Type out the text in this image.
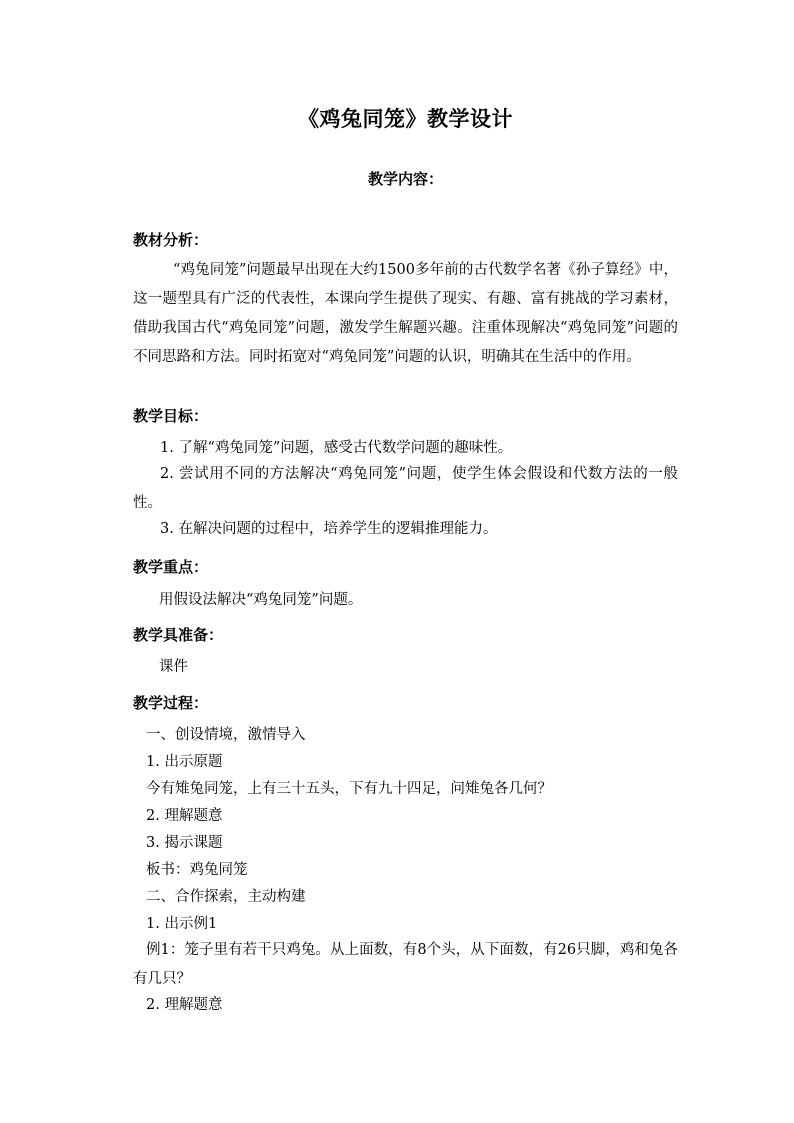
《鸡兔同笼》教学设计
教学内容：
教材分析：

“鸡兔同笼”问题最早出现在大约1500多年前的古代数学名著《孙子算经》中，这一题型具有广泛的代表性，本课向学生提供了现实、有趣、富有挑战的学习素材，借助我国古代“鸡兔同笼”问题，激发学生解题兴趣。注重体现解决“鸡兔同笼”问题的不同思路和方法。同时拓宽对“鸡兔同笼”问题的认识，明确其在生活中的作用。

教学目标：
1. 了解“鸡兔同笼”问题，感受古代数学问题的趣味性。

2. 尝试用不同的方法解决“鸡兔同笼”问题，使学生体会假设和代数方法的一般性。

3. 在解决问题的过程中，培养学生的逻辑推理能力。
教学重点：
用假设法解决“鸡兔同笼”问题。
教学具准备：
课件
教学过程：
一、创设情境，激情导入
1. 出示原题
今有雉兔同笼，上有三十五头，下有九十四足，问雉兔各几何？
2. 理解题意
3. 揭示课题
板书：鸡兔同笼
二、合作探索，主动构建
1. 出示例1

例1：笼子里有若干只鸡兔。从上面数，有8个头，从下面数，有26只脚，鸡和兔各有几只？

2. 理解题意
